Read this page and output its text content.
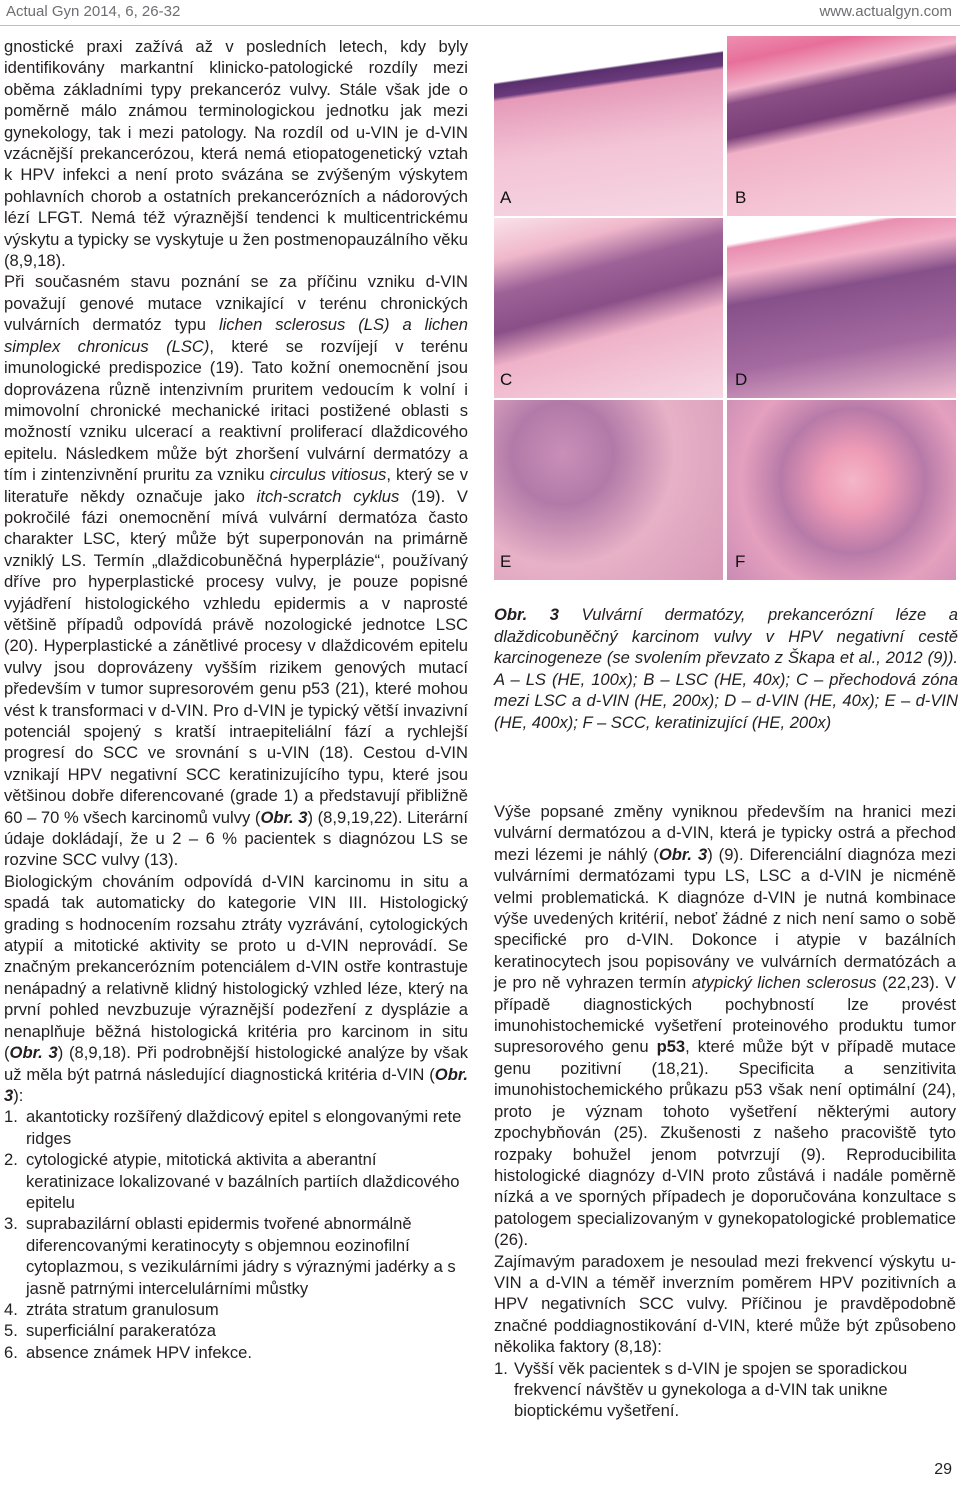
Actual Gyn 2014, 6, 26-32	www.actualgyn.com

gnostické praxi zažívá až v posledních letech, kdy byly identifikovány markantní klinicko-patologické rozdíly mezi oběma základními typy prekanceróz vulvy. Stále však jde o poměrně málo známou terminologickou jednotku jak mezi gynekology, tak i mezi patology. Na rozdíl od u-VIN je d-VIN vzácnější prekancerózou, která nemá etiopatogenetický vztah k HPV infekci a není proto svázána se zvýšeným výskytem pohlavních chorob a ostatních prekancerózních a nádorových lézí LFGT. Nemá též výraznější tendenci k multicentrickému výskytu a typicky se vyskytuje u žen postmenopauzálního věku (8,9,18).

Při současném stavu poznání se za příčinu vzniku d-VIN považují genové mutace vznikající v terénu chronických vulvárních dermatóz typu lichen sclerosus (LS) a lichen simplex chronicus (LSC), které se rozvíjejí v terénu imunologické predispozice (19). Tato kožní onemocnění jsou doprovázena různě intenzivním pruritem vedoucím k volní i mimovolní chronické mechanické iritaci postižené oblasti s možností vzniku ulcerací a reaktivní proliferací dlaždicového epitelu. Následkem může být zhoršení vulvární dermatózy a tím i zintenzivnění pruritu za vzniku circulus vitiosus, který se v literatuře někdy označuje jako itch-scratch cyklus (19). V pokročilé fázi onemocnění mívá vulvární dermatóza často charakter LSC, který může být superponován na primárně vzniklý LS. Termín „dlaždicobuněčná hyperplázie“, používaný dříve pro hyperplastické procesy vulvy, je pouze popisné vyjádření histologického vzhledu epidermis a v naprosté většině případů odpovídá právě nozologické jednotce LSC (20). Hyperplastické a zánětlivé procesy v dlaždicovém epitelu vulvy jsou doprovázeny vyšším rizikem genových mutací především v tumor supresorovém genu p53 (21), které mohou vést k transformaci v d-VIN. Pro d-VIN je typický větší invazivní potenciál spojený s kratší intraepiteliální fází a rychlejší progresí do SCC ve srovnání s u-VIN (18). Cestou d-VIN vznikají HPV negativní SCC keratinizujícího typu, které jsou většinou dobře diferencované (grade 1) a představují přibližně 60 – 70 % všech karcinomů vulvy (Obr. 3) (8,9,19,22). Literární údaje dokládají, že u 2 – 6 % pacientek s diagnózou LS se rozvine SCC vulvy (13).

Biologickým chováním odpovídá d-VIN karcinomu in situ a spadá tak automaticky do kategorie VIN III. Histologický grading s hodnocením rozsahu ztráty vyzrávání, cytologických atypií a mitotické aktivity se proto u d-VIN neprovádí. Se značným prekancerózním potenciálem d-VIN ostře kontrastuje nenápadný a relativně klidný histologický vzhled léze, který na první pohled nevzbuzuje výraznější podezření z dysplázie a nenaplňuje běžná histologická kritéria pro karcinom in situ (Obr. 3) (8,9,18). Při podrobnější histologické analýze by však už měla být patrná následující diagnostická kritéria d-VIN (Obr. 3):

1. akantoticky rozšířený dlaždicový epitel s elongovanými rete ridges
2. cytologické atypie, mitotická aktivita a aberantní keratinizace lokalizované v bazálních partiích dlaždicového epitelu
3. suprabazilární oblasti epidermis tvořené abnormálně diferencovanými keratinocyty s objemnou eozinofilní cytoplazmou, s vezikulárními jádry s výraznými jadérky a s jasně patrnými intercelulárními můstky
4. ztráta stratum granulosum
5. superficiální parakeratóza
6. absence známek HPV infekce.
A	B
C	D
E	F
Obr. 3 Vulvární dermatózy, prekancerózní léze a dlaždicobuněčný karcinom vulvy v HPV negativní cestě karcinogeneze (se svolením převzato z Škapa et al., 2012 (9)). A – LS (HE, 100x); B – LSC (HE, 40x); C – přechodová zóna mezi LSC a d-VIN (HE, 200x); D – d-VIN (HE, 40x); E – d-VIN (HE, 400x); F – SCC, keratinizující (HE, 200x)

Výše popsané změny vyniknou především na hranici mezi vulvární dermatózou a d-VIN, která je typicky ostrá a přechod mezi lézemi je náhlý (Obr. 3) (9). Diferenciální diagnóza mezi vulvárními dermatózami typu LS, LSC a d-VIN je nicméně velmi problematická. K diagnóze d-VIN je nutná kombinace výše uvedených kritérií, neboť žádné z nich není samo o sobě specifické pro d-VIN. Dokonce i atypie v bazálních keratinocytech jsou popisovány ve vulvárních dermatózách a je pro ně vyhrazen termín atypický lichen sclerosus (22,23). V případě diagnostických pochybností lze provést imunohistochemické vyšetření proteinového produktu tumor supresorového genu p53, které může být v případě mutace genu pozitivní (18,21). Specificita a senzitivita imunohistochemického průkazu p53 však není optimální (24), proto je význam tohoto vyšetření některými autory zpochybňován (25). Zkušenosti z našeho pracoviště tyto rozpaky bohužel jenom potvrzují (9). Reproducibilita histologické diagnózy d-VIN proto zůstává i nadále poměrně nízká a ve sporných případech je doporučována konzultace s patologem specializovaným v gynekopatologické problematice (26).

Zajímavým paradoxem je nesoulad mezi frekvencí výskytu u-VIN a d-VIN a téměř inverzním poměrem HPV pozitivních a HPV negativních SCC vulvy. Příčinou je pravděpodobně značné poddiagnostikování d-VIN, které může být způsobeno několika faktory (8,18):

1. Vyšší věk pacientek s d-VIN je spojen se sporadickou frekvencí návštěv u gynekologa a d-VIN tak unikne bioptickému vyšetření.
29
